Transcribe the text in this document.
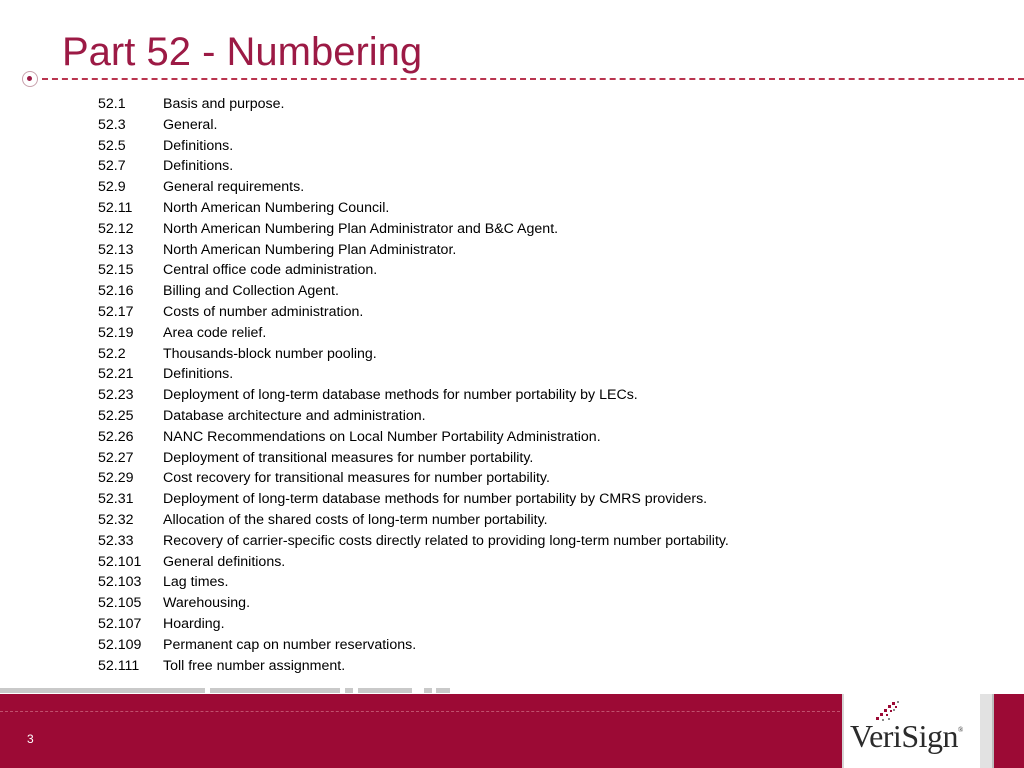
Part 52 - Numbering
52.1	Basis and purpose.
52.3	General.
52.5	Definitions.
52.7	Definitions.
52.9	General requirements.
52.11	North American Numbering Council.
52.12	North American Numbering Plan Administrator and B&C Agent.
52.13	North American Numbering Plan Administrator.
52.15	Central office code administration.
52.16	Billing and Collection Agent.
52.17	Costs of number administration.
52.19	Area code relief.
52.2	Thousands-block number pooling.
52.21	Definitions.
52.23	Deployment of long-term database methods for number portability by LECs.
52.25	Database architecture and administration.
52.26	NANC Recommendations on Local Number Portability Administration.
52.27	Deployment of transitional measures for number portability.
52.29	Cost recovery for transitional measures for number portability.
52.31	Deployment of long-term database methods for number portability by CMRS providers.
52.32	Allocation of the shared costs of long-term number portability.
52.33	Recovery of carrier-specific costs directly related to providing long-term number portability.
52.101	General definitions.
52.103	Lag times.
52.105	Warehousing.
52.107	Hoarding.
52.109	Permanent cap on number reservations.
52.111	Toll free number assignment.
3	VeriSign®
